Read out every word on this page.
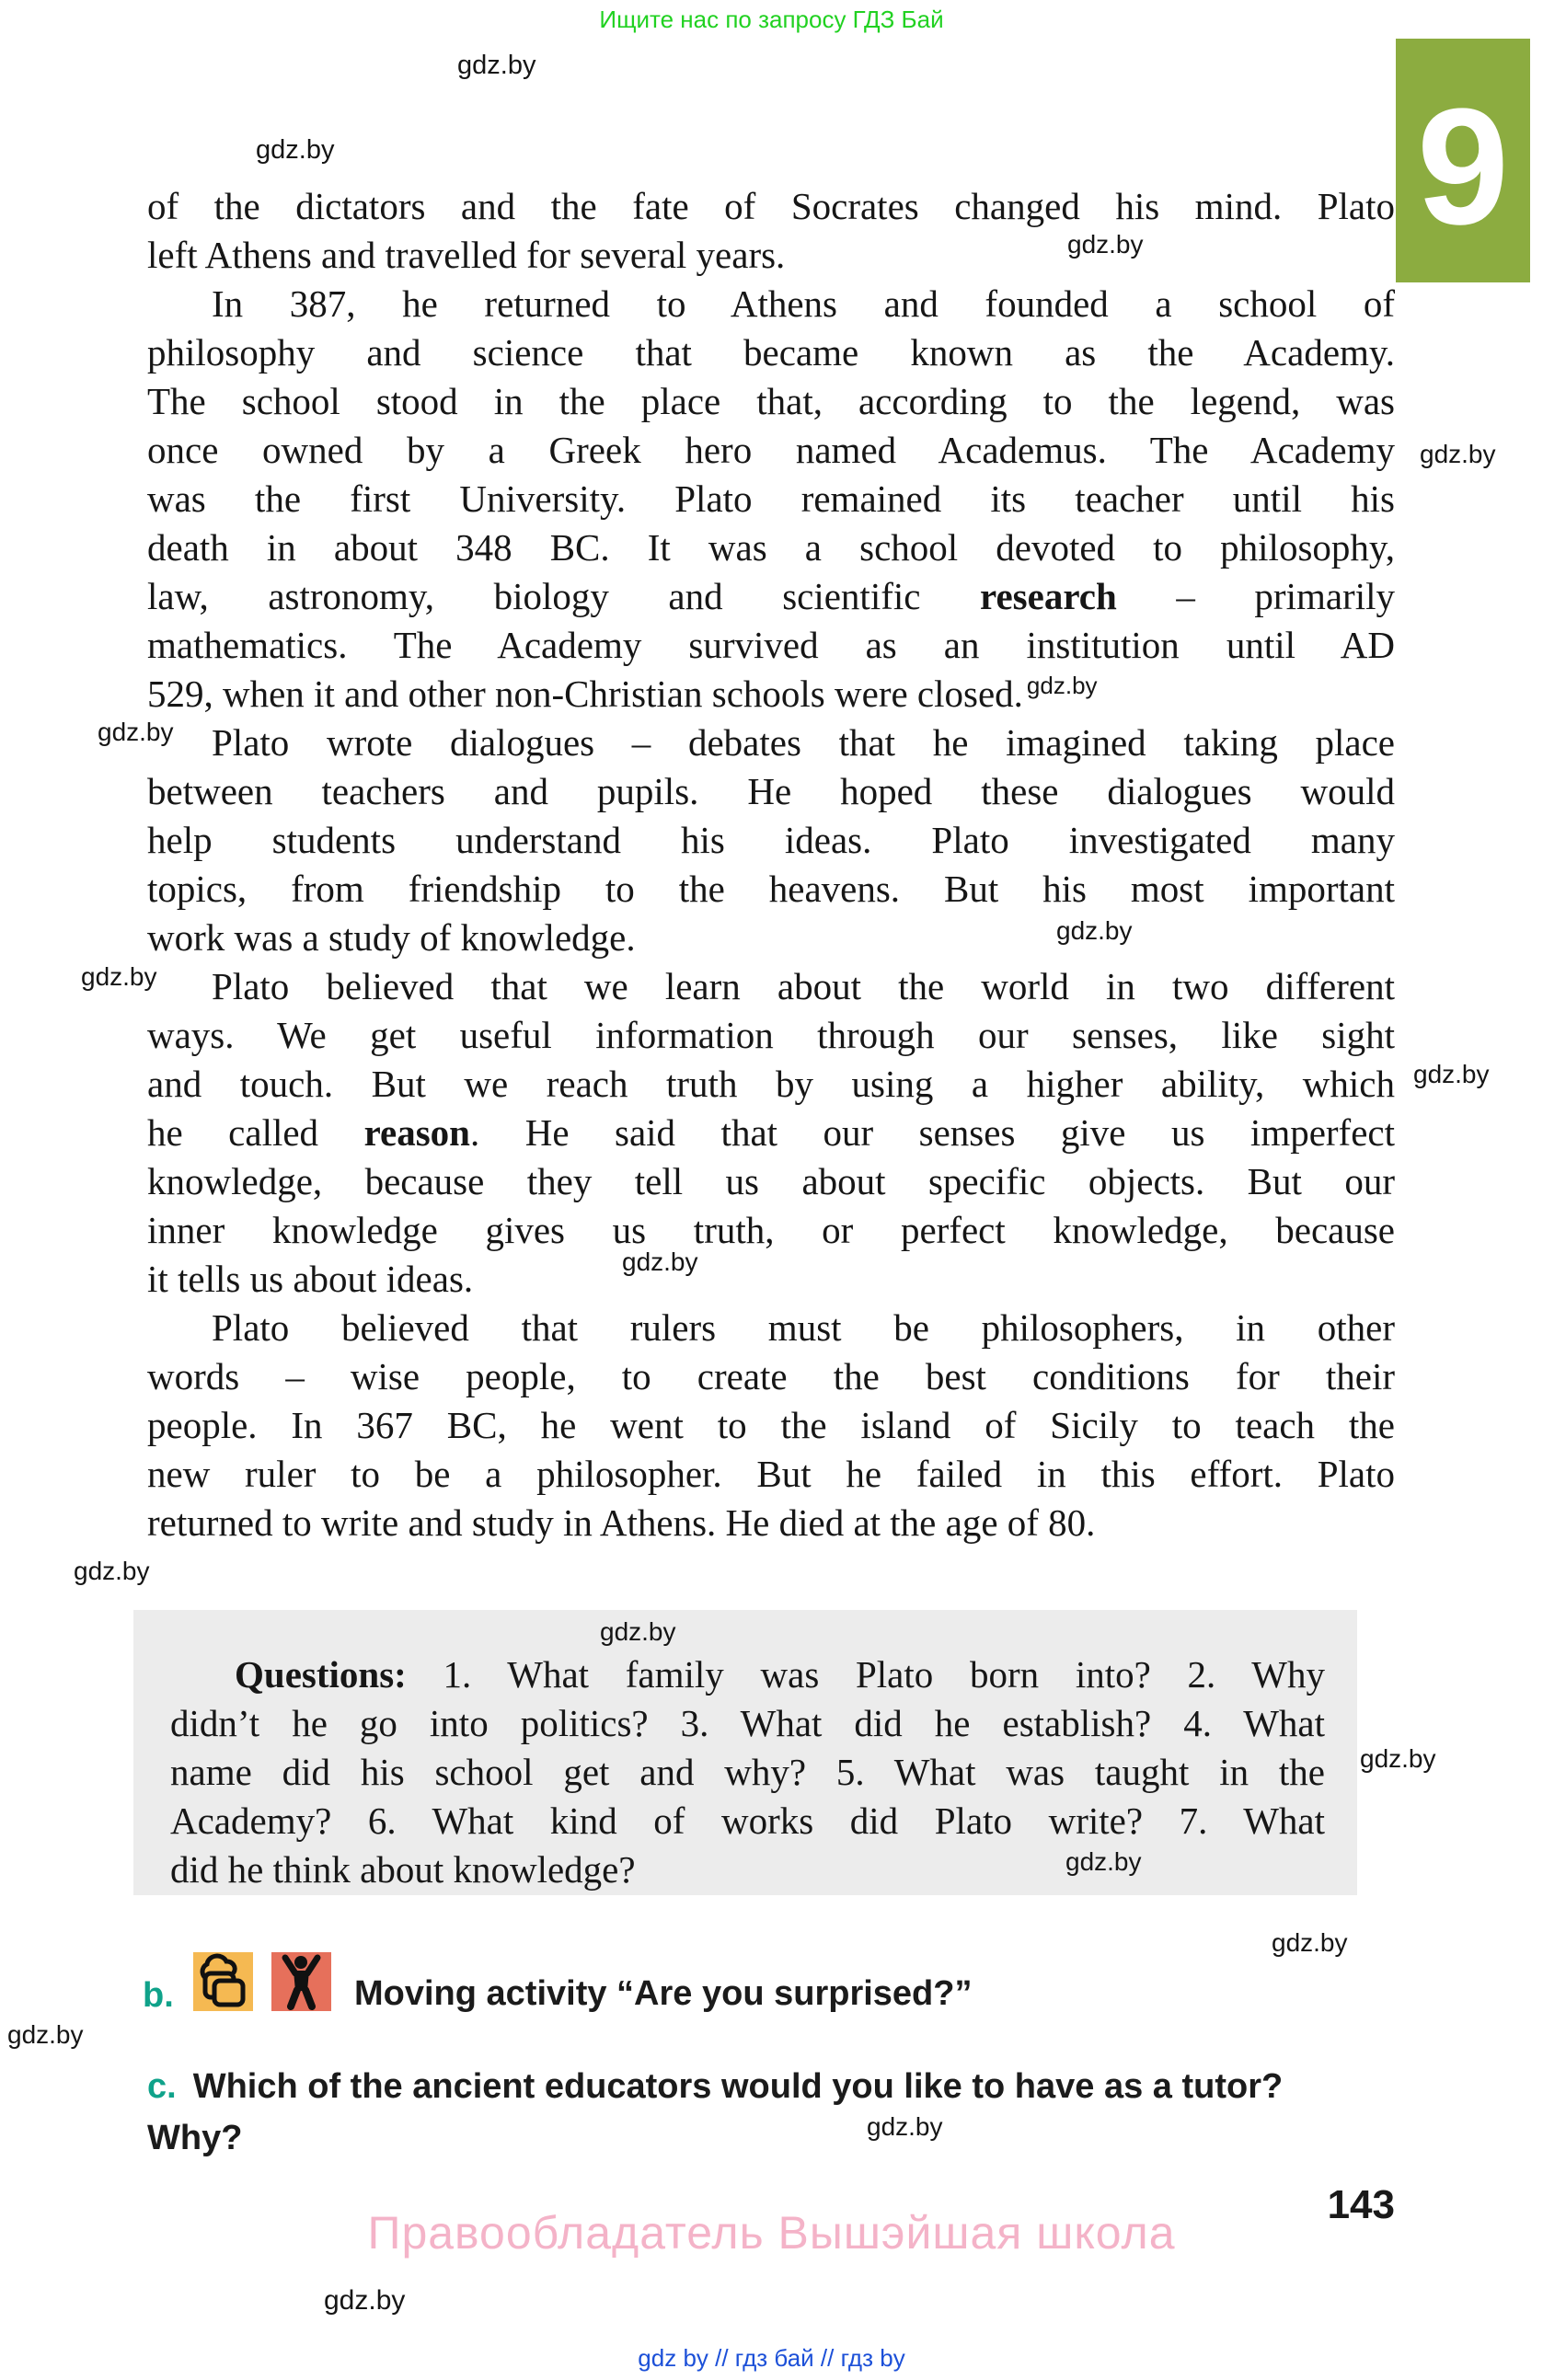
Ищите нас по запросу ГДЗ Бай
gdz.by
gdz.by	9
of the dictators and the fate of Socrates changed his mind. Plato
left Athens and travelled for several years.
In 387, he returned to Athens and founded a school of
philosophy and science that became known as the Academy.
The school stood in the place that, according to the legend, was
once owned by a Greek hero named Academus. The Academy
was the first University. Plato remained its teacher until his
death in about 348 BC. It was a school devoted to philosophy,
law, astronomy, biology and scientific research – primarily
mathematics. The Academy survived as an institution until AD
529, when it and other non-Christian schools were closed. $^{gdz.by}$
Plato wrote dialogues – debates that he imagined taking place
between teachers and pupils. He hoped these dialogues would
help students understand his ideas. Plato investigated many
topics, from friendship to the heavens. But his most important
work was a study of knowledge.
Plato believed that we learn about the world in two different
ways. We get useful information through our senses, like sight
and touch. But we reach truth by using a higher ability, which
he called reason. He said that our senses give us imperfect
knowledge, because they tell us about specific objects. But our
inner knowledge gives us truth, or perfect knowledge, because
it tells us about ideas.
Plato believed that rulers must be philosophers, in other
words – wise people, to create the best conditions for their
people. In 367 BC, he went to the island of Sicily to teach the
new ruler to be a philosopher. But he failed in this effort. Plato
returned to write and study in Athens. He died at the age of 80.
gdz.by
gdz.by
gdz.by
gdz.by
gdz.by
gdz.by
gdz.by
gdz.by
Questions: 1. What family was Plato born into? 2. Why
didn’t he go into politics? 3. What did he establish? 4. What
name did his school get and why? 5. What was taught in the
Academy? 6. What kind of works did Plato write? 7. What
did he think about knowledge?
gdz.by
gdz.by
gdz.by
gdz.by
b.	Moving activity “Are you surprised?”
gdz.by
c. Which of the ancient educators would you like to have as a tutor?
Why?	gdz.by
143
Правообладатель Вышэйшая школа
gdz.by
gdz by // гдз бай // гдз by
